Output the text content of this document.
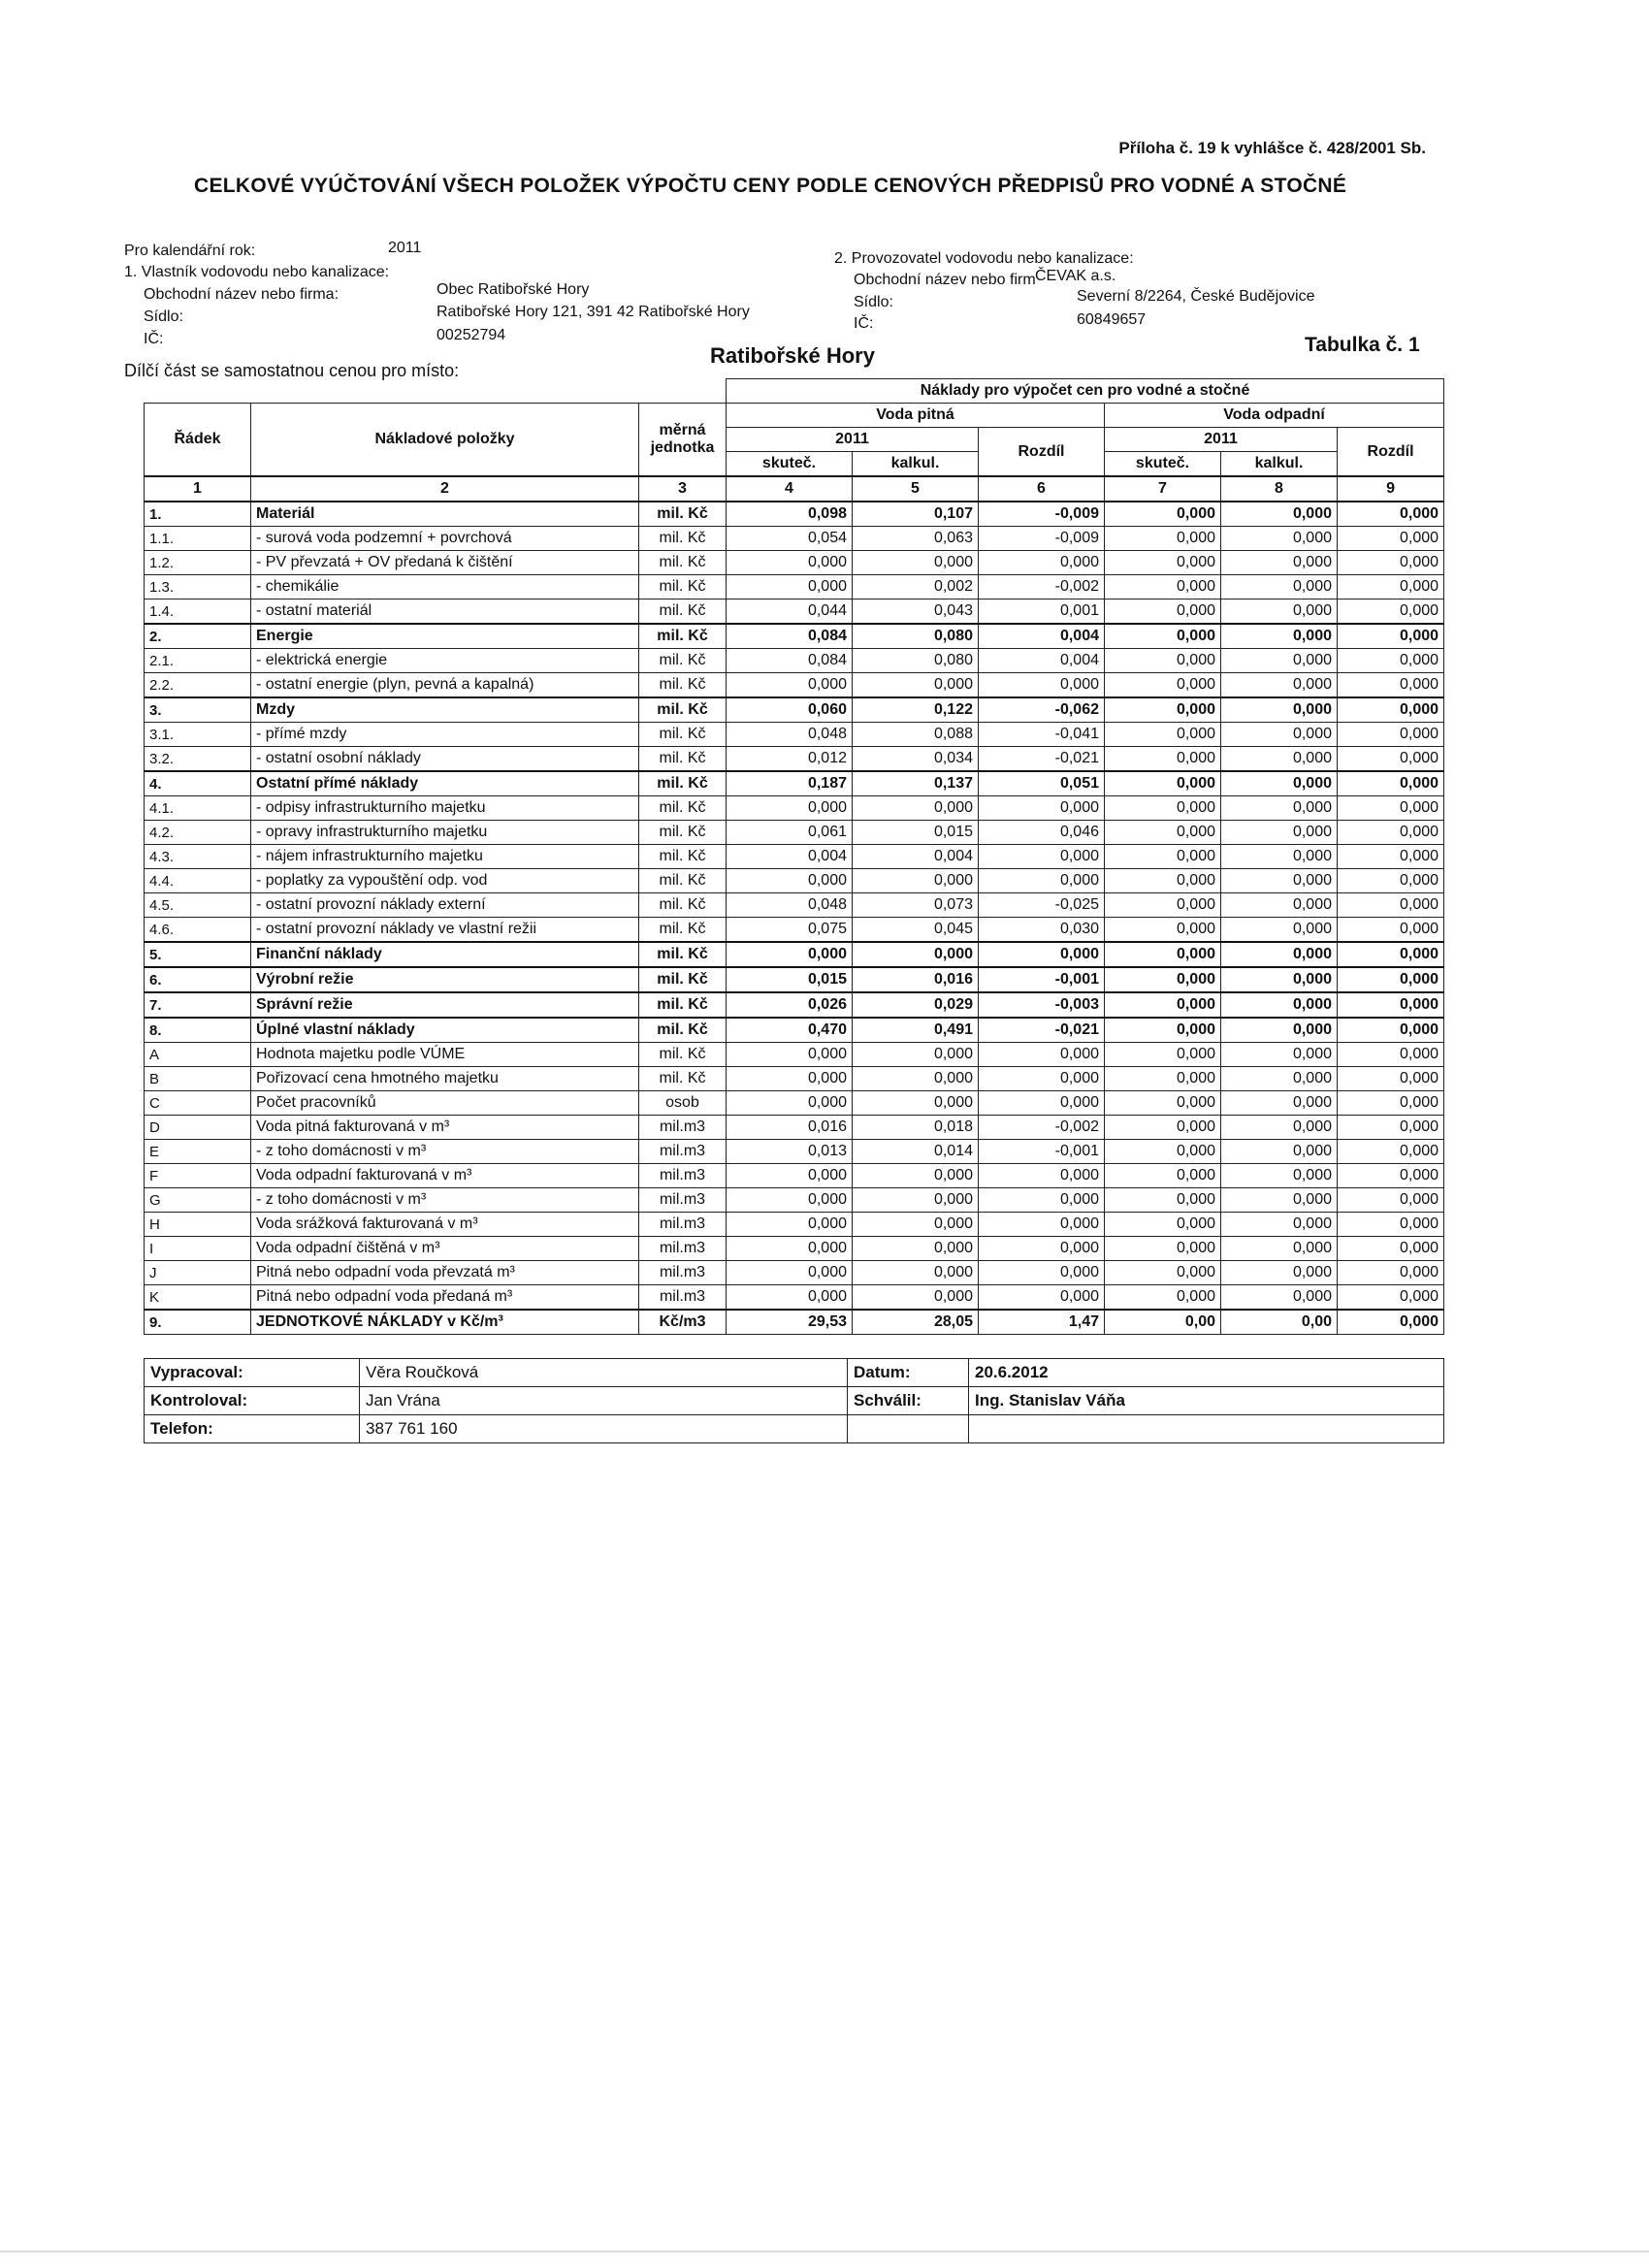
Příloha č. 19 k vyhlášce č. 428/2001 Sb.
CELKOVÉ VYÚČTOVÁNÍ VŠECH POLOŽEK VÝPOČTU CENY PODLE CENOVÝCH PŘEDPISŮ PRO VODNÉ A STOČNÉ
Pro kalendářní rok:	2011
1. Vlastník vodovodu nebo kanalizace:
Obchodní název nebo firma:	Obec Ratibořské Hory
Sídlo:	Ratibořské Hory 121, 391 42 Ratibořské Hory
IČ:	00252794
2. Provozovatel vodovodu nebo kanalizace:
Obchodní název nebo firm ČEVAK a.s.
Sídlo:	Severní 8/2264, České Budějovice
IČ:	60849657
Dílčí část se samostatnou cenou pro místo:
Ratibořské Hory	Tabulka č. 1
			Náklady pro výpočet cen pro vodné a stočné					
Řádek	Nákladové položky	měrná jednotka	Voda pitná			Voda odpadní		
			2011		Rozdíl	2011		Rozdíl
			skuteč.	kalkul.		skuteč.	kalkul.	
1	2	3	4	5	6	7	8	9
1.	Materiál	mil. Kč	0,098	0,107	-0,009	0,000	0,000	0,000
1.1.	- surová voda podzemní + povrchová	mil. Kč	0,054	0,063	-0,009	0,000	0,000	0,000
1.2.	- PV převzatá + OV předaná k čištění	mil. Kč	0,000	0,000	0,000	0,000	0,000	0,000
1.3.	- chemikálie	mil. Kč	0,000	0,002	-0,002	0,000	0,000	0,000
1.4.	- ostatní materiál	mil. Kč	0,044	0,043	0,001	0,000	0,000	0,000
2.	Energie	mil. Kč	0,084	0,080	0,004	0,000	0,000	0,000
2.1.	- elektrická energie	mil. Kč	0,084	0,080	0,004	0,000	0,000	0,000
2.2.	- ostatní energie (plyn, pevná a kapalná)	mil. Kč	0,000	0,000	0,000	0,000	0,000	0,000
3.	Mzdy	mil. Kč	0,060	0,122	-0,062	0,000	0,000	0,000
3.1.	- přímé mzdy	mil. Kč	0,048	0,088	-0,041	0,000	0,000	0,000
3.2.	- ostatní osobní náklady	mil. Kč	0,012	0,034	-0,021	0,000	0,000	0,000
4.	Ostatní přímé náklady	mil. Kč	0,187	0,137	0,051	0,000	0,000	0,000
4.1.	- odpisy infrastrukturního majetku	mil. Kč	0,000	0,000	0,000	0,000	0,000	0,000
4.2.	- opravy infrastrukturního majetku	mil. Kč	0,061	0,015	0,046	0,000	0,000	0,000
4.3.	- nájem infrastrukturního majetku	mil. Kč	0,004	0,004	0,000	0,000	0,000	0,000
4.4.	- poplatky za vypouštění odp. vod	mil. Kč	0,000	0,000	0,000	0,000	0,000	0,000
4.5.	- ostatní provozní náklady externí	mil. Kč	0,048	0,073	-0,025	0,000	0,000	0,000
4.6.	- ostatní provozní náklady ve vlastní režii	mil. Kč	0,075	0,045	0,030	0,000	0,000	0,000
5.	Finanční náklady	mil. Kč	0,000	0,000	0,000	0,000	0,000	0,000
6.	Výrobní režie	mil. Kč	0,015	0,016	-0,001	0,000	0,000	0,000
7.	Správní režie	mil. Kč	0,026	0,029	-0,003	0,000	0,000	0,000
8.	Úplné vlastní náklady	mil. Kč	0,470	0,491	-0,021	0,000	0,000	0,000
A	Hodnota majetku podle VÚME	mil. Kč	0,000	0,000	0,000	0,000	0,000	0,000
B	Pořizovací cena hmotného majetku	mil. Kč	0,000	0,000	0,000	0,000	0,000	0,000
C	Počet pracovníků	osob	0,000	0,000	0,000	0,000	0,000	0,000
D	Voda pitná fakturovaná v m³	mil.m3	0,016	0,018	-0,002	0,000	0,000	0,000
E	- z toho domácnosti v m³	mil.m3	0,013	0,014	-0,001	0,000	0,000	0,000
F	Voda odpadní fakturovaná v m³	mil.m3	0,000	0,000	0,000	0,000	0,000	0,000
G	- z toho domácnosti v m³	mil.m3	0,000	0,000	0,000	0,000	0,000	0,000
H	Voda srážková fakturovaná v m³	mil.m3	0,000	0,000	0,000	0,000	0,000	0,000
I	Voda odpadní čištěná v m³	mil.m3	0,000	0,000	0,000	0,000	0,000	0,000
J	Pitná nebo odpadní voda převzatá m³	mil.m3	0,000	0,000	0,000	0,000	0,000	0,000
K	Pitná nebo odpadní voda předaná m³	mil.m3	0,000	0,000	0,000	0,000	0,000	0,000
9.	JEDNOTKOVÉ NÁKLADY v Kč/m³	Kč/m3	29,53	28,05	1,47	0,00	0,00	0,000
Vypracoval:	Věra Roučková	Datum:	20.6.2012
Kontroloval:	Jan Vrána	Schválil:	Ing. Stanislav Váňa
Telefon:	387 761 160		
